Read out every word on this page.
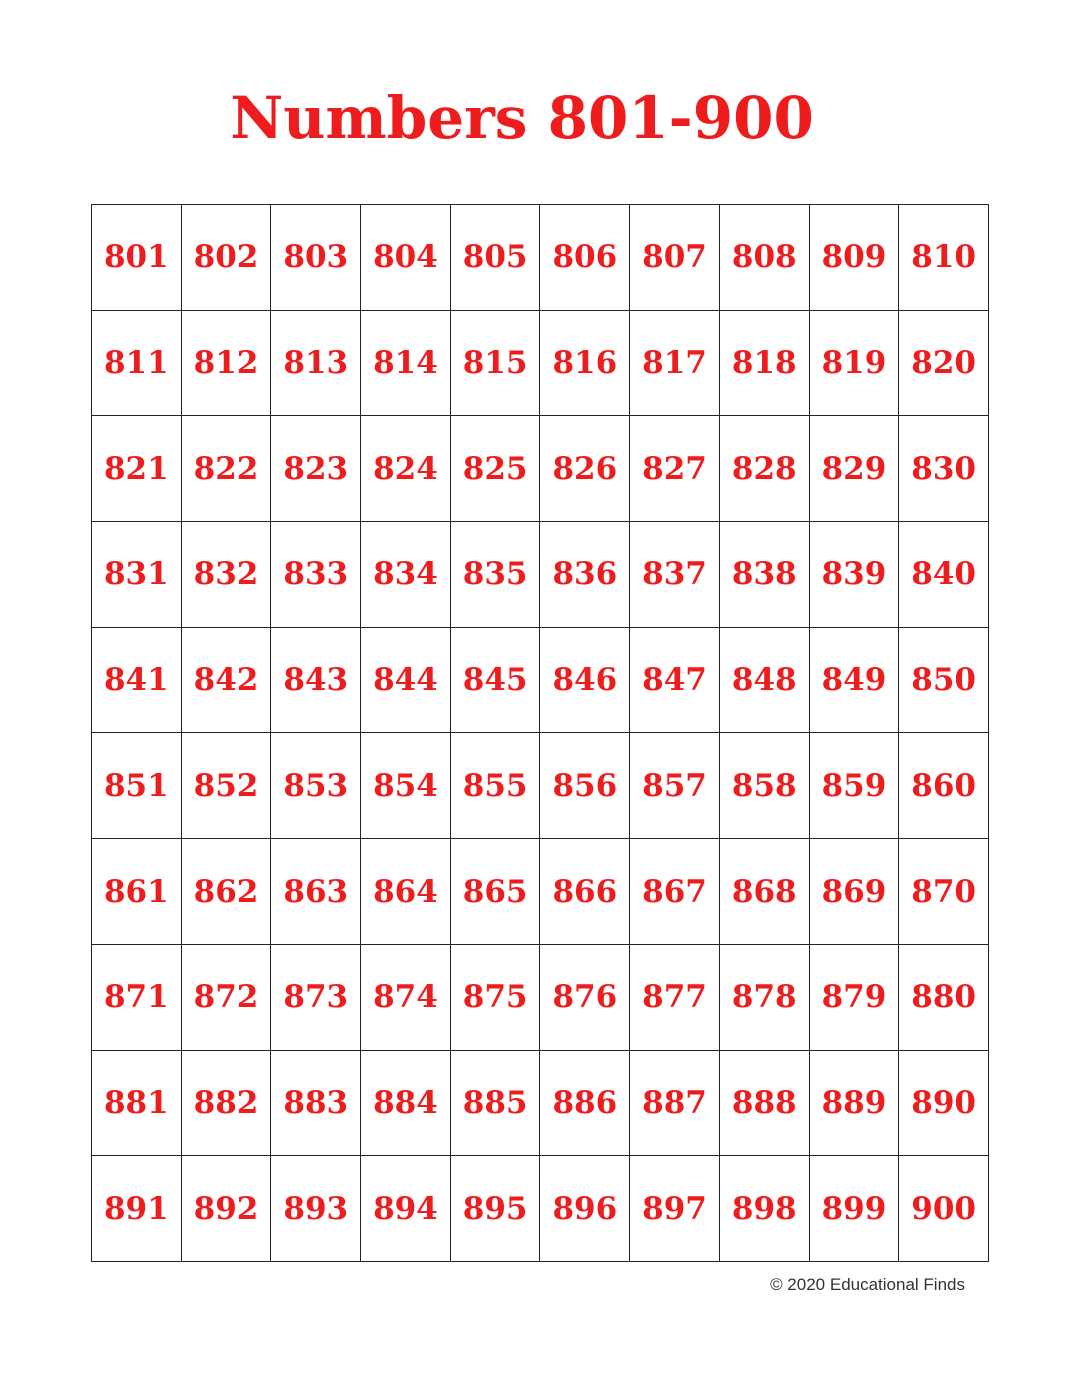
Numbers 801-900
801 802 803 804 805 806 807 808 809 810
811 812 813 814 815 816 817 818 819 820
821 822 823 824 825 826 827 828 829 830
831 832 833 834 835 836 837 838 839 840
841 842 843 844 845 846 847 848 849 850
851 852 853 854 855 856 857 858 859 860
861 862 863 864 865 866 867 868 869 870
871 872 873 874 875 876 877 878 879 880
881 882 883 884 885 886 887 888 889 890
891 892 893 894 895 896 897 898 899 900
© 2020 Educational Finds
